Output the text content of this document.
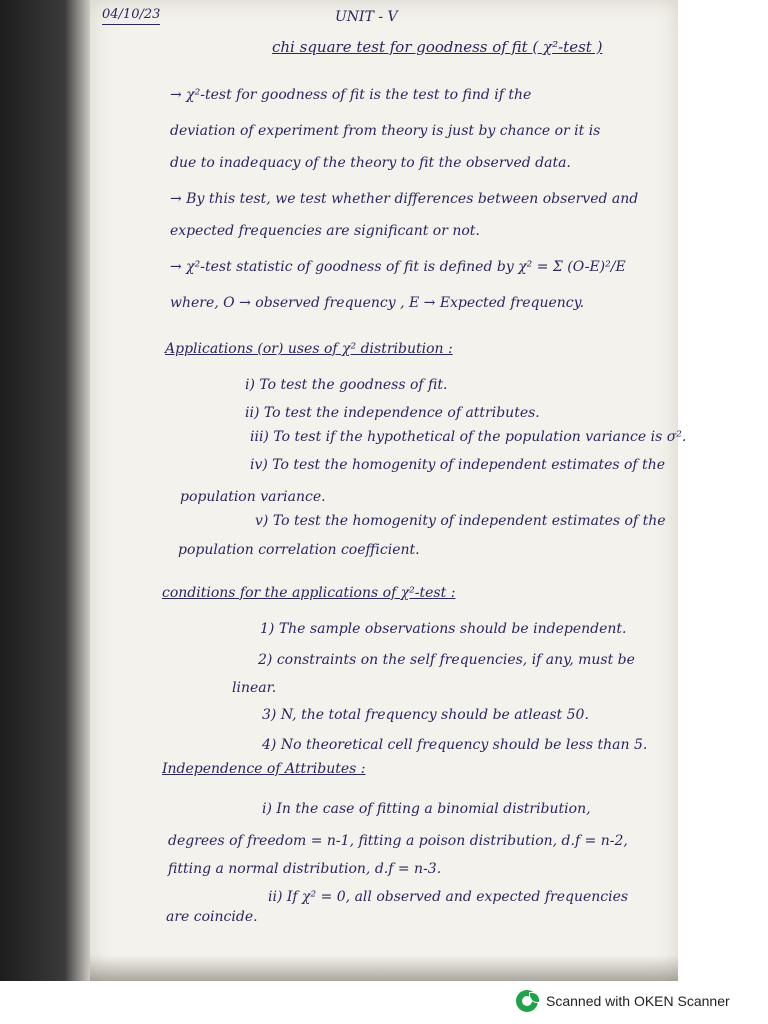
04/10/23	UNIT - V
chi square test for goodness of fit ( χ²-test )
→ χ²-test for goodness of fit is the test to find if the
deviation of experiment from theory is just by chance or it is
due to inadequacy of the theory to fit the observed data.
→ By this test, we test whether differences between observed and
expected frequencies are significant or not.
→ χ²-test statistic of goodness of fit is defined by χ² = Σ (O-E)²/E
where, O → observed frequency , E → Expected frequency.
Applications (or) uses of χ² distribution :
i) To test the goodness of fit.
ii) To test the independence of attributes.
iii) To test if the hypothetical of the population variance is σ².
iv) To test the homogenity of independent estimates of the
population variance.
v) To test the homogenity of independent estimates of the
population correlation coefficient.
conditions for the applications of χ²-test :
1) The sample observations should be independent.
2) constraints on the self frequencies, if any, must be
linear.
3) N, the total frequency should be atleast 50.
4) No theoretical cell frequency should be less than 5.
Independence of Attributes :
i) In the case of fitting a binomial distribution,
degrees of freedom = n-1, fitting a poison distribution, d.f = n-2,
fitting a normal distribution, d.f = n-3.
ii) If χ² = 0, all observed and expected frequencies
are coincide.
Scanned with OKEN Scanner
